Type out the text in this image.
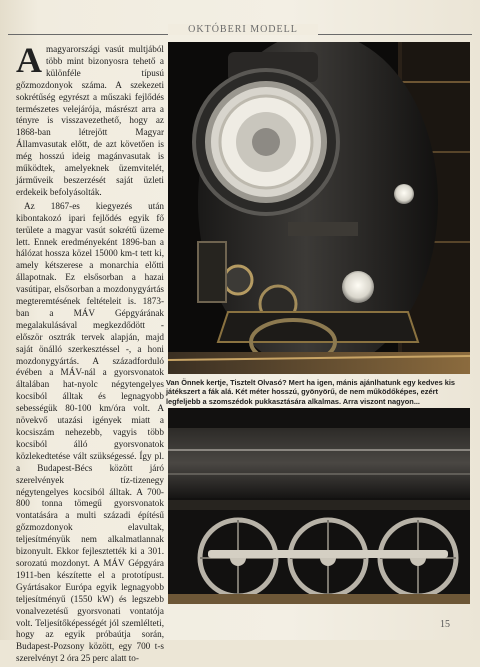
OKTÓBERI MODELL

Amagyarországi vasút multjából több mint bizonyosra tehető a különféle típusú gőzmozdonyok száma. A szekezeti sokrétűség egyrészt a műszaki fejlődés természetes velejárója, másrészt arra a tényre is visszavezethető, hogy az 1868-ban létrejött Magyar Államvasutak előtt, de azt követően is még hosszú ideig magánvasutak is működtek, amelyeknek üzemvitelét, járműveik beszerzését saját üzleti erdekeik befolyásolták.

Az 1867-es kiegyezés után kibontakozó ipari fejlődés egyik fő területe a magyar vasút sokrétű üzeme lett. Ennek eredményeként 1896-ban a hálózat hossza közel 15000 km-t tett ki, amely kétszerese a monarchia előtti állapotnak. Ez elsősorban a hazai vasútipar, elsősorban a mozdonygyártás megteremtésének feltételeit is. 1873-ban a MÁV Gépgyárának megalakulásával megkezdődött - először osztrák tervek alapján, majd saját önálló szerkesztéssel -, a honi mozdonygyártás. A századforduló évében a MÁV-nál a gyorsvonatok általában hat-nyolc négytengelyes kocsiból álltak és legnagyobb sebességük 80-100 km/óra volt. A növekvő utazási igények miatt a kocsiszám nehezebb, vagyis több kocsiból álló gyorsvonatok közlekedtetése vált szükségessé. Így pl. a Budapest-Bécs között járó szerelvények tíz-tizenegy négytengelyes kocsiból álltak. A 700-800 tonna tömegű gyorsvonatok vontatására a multi századi építésű gőzmozdonyok elavultak, teljesítményük nem alkalmatlannak bizonyult. Ekkor fejlesztették ki a 301. sorozatú mozdonyt. A MÁV Gépgyára 1911-ben készítette el a prototípust. Gyártásakor Európa egyik legnagyobb teljesítményű (1550 kW) és legszebb vonalvezetésű gyorsvonati vontatója volt. Teljesítőképességét jól szemlélteti, hogy az egyik próbaútja során, Budapest-Pozsony között, egy 700 t-s szerelvényt 2 óra 25 perc alatt to-

Van Önnek kertje, Tisztelt Olvasó? Mert ha igen, mánis ajánlhatunk egy kedves kis játékszert a fák alá. Két méter hosszú, gyönyörű, de nem működőképes, ezért legfeljebb a szomszédok pukkasztására alkalmas. Arra viszont nagyon...
15
